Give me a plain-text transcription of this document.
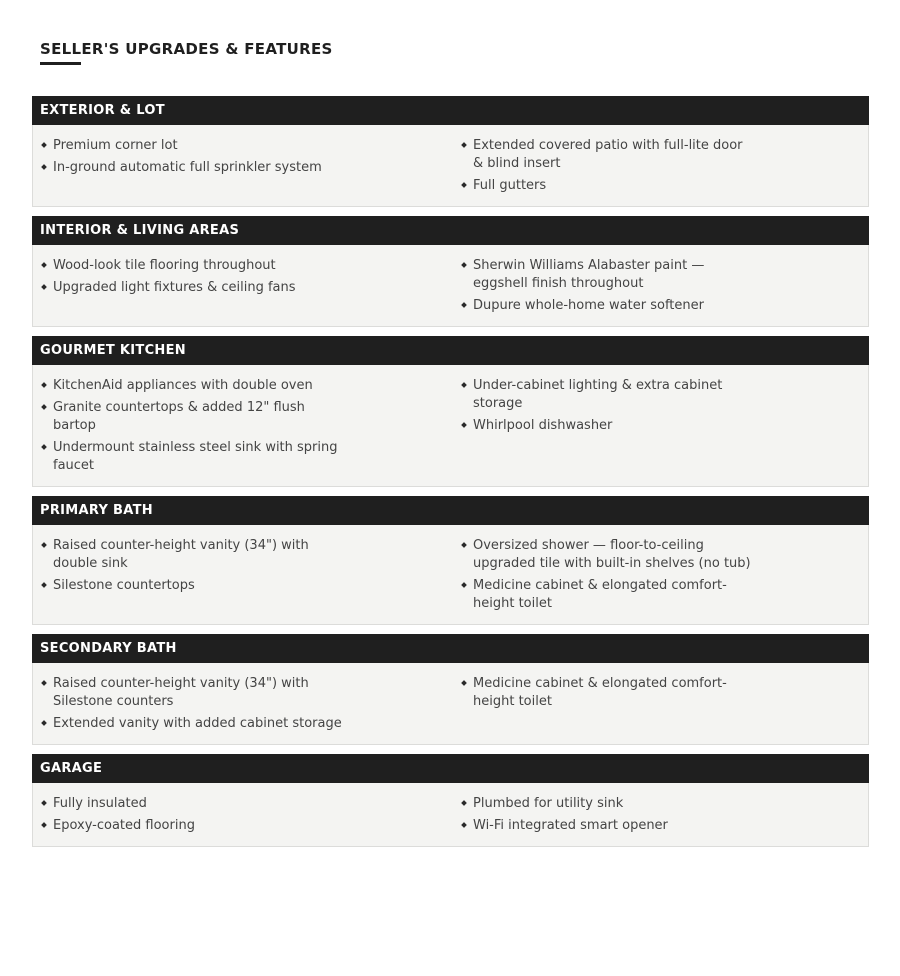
SELLER'S UPGRADES & FEATURES
EXTERIOR & LOT
Premium corner lot
In-ground automatic full sprinkler system
Extended covered patio with full-lite door & blind insert
Full gutters
INTERIOR & LIVING AREAS
Wood-look tile flooring throughout
Upgraded light fixtures & ceiling fans
Sherwin Williams Alabaster paint — eggshell finish throughout
Dupure whole-home water softener
GOURMET KITCHEN
KitchenAid appliances with double oven
Granite countertops & added 12" flush bartop
Undermount stainless steel sink with spring faucet
Under-cabinet lighting & extra cabinet storage
Whirlpool dishwasher
PRIMARY BATH
Raised counter-height vanity (34") with double sink
Silestone countertops
Oversized shower — floor-to-ceiling upgraded tile with built-in shelves (no tub)
Medicine cabinet & elongated comfort-height toilet
SECONDARY BATH
Raised counter-height vanity (34") with Silestone counters
Extended vanity with added cabinet storage
Medicine cabinet & elongated comfort-height toilet
GARAGE
Fully insulated
Epoxy-coated flooring
Plumbed for utility sink
Wi-Fi integrated smart opener
